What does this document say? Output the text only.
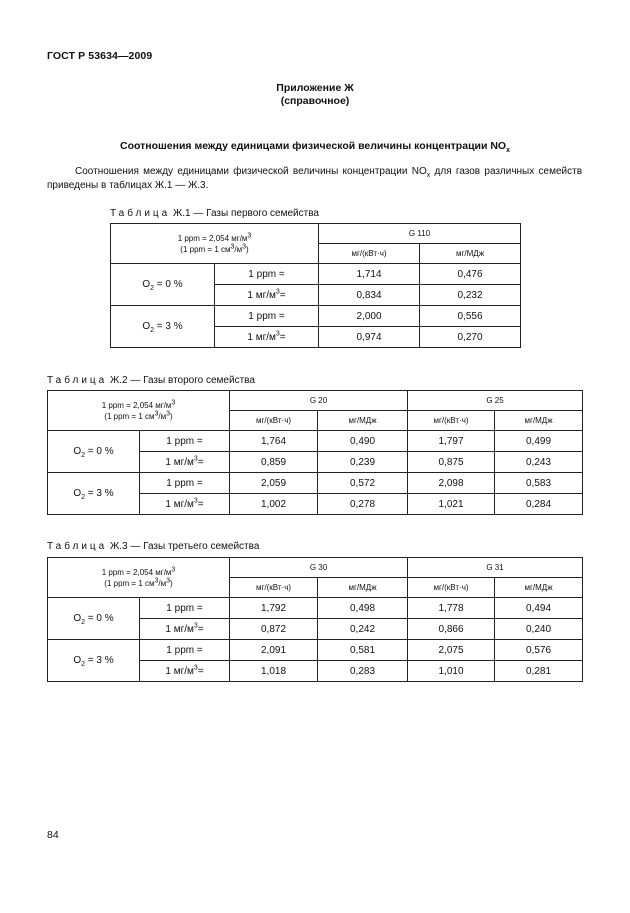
ГОСТ Р 53634—2009
Приложение Ж
(справочное)
Соотношения между единицами физической величины концентрации $NO_x$
Соотношения между единицами физической величины концентрации $NO_x$ для газов различных семейств приведены в таблицах Ж.1 — Ж.3.
Таблица Ж.1 — Газы первого семейства
1 ppm = 2,054 $мг/м^3$
(1 ppm = 1 $см^3/м^3$)		G 110	
		мг/(кВт·ч)	мг/МДж
$O_2 = 0$ %	1 ppm =	1,714	0,476
	1 $мг/м^3=$	0,834	0,232
$O_2 = 3$ %	1 ppm =	2,000	0,556
	1 $мг/м^3=$	0,974	0,270
Таблица Ж.2 — Газы второго семейства
1 ppm = 2,054 $мг/м^3$
(1 ppm = 1 $см^3/м^3$)		G 20		G 25	
		мг/(кВт·ч)	мг/МДж	мг/(кВт·ч)	мг/МДж
$O_2 = 0$ %	1 ppm =	1,764	0,490	1,797	0,499
	1 $мг/м^3=$	0,859	0,239	0,875	0,243
$O_2 = 3$ %	1 ppm =	2,059	0,572	2,098	0,583
	1 $мг/м^3=$	1,002	0,278	1,021	0,284
Таблица Ж.3 — Газы третьего семейства
1 ppm = 2,054 $мг/м^3$
(1 ppm = 1 $см^3/м^3$)		G 30		G 31	
		мг/(кВт·ч)	мг/МДж	мг/(кВт·ч)	мг/МДж
$O_2 = 0$ %	1 ppm =	1,792	0,498	1,778	0,494
	1 $мг/м^3=$	0,872	0,242	0,866	0,240
$O_2 = 3$ %	1 ppm =	2,091	0,581	2,075	0,576
	1 $мг/м^3=$	1,018	0,283	1,010	0,281
84
